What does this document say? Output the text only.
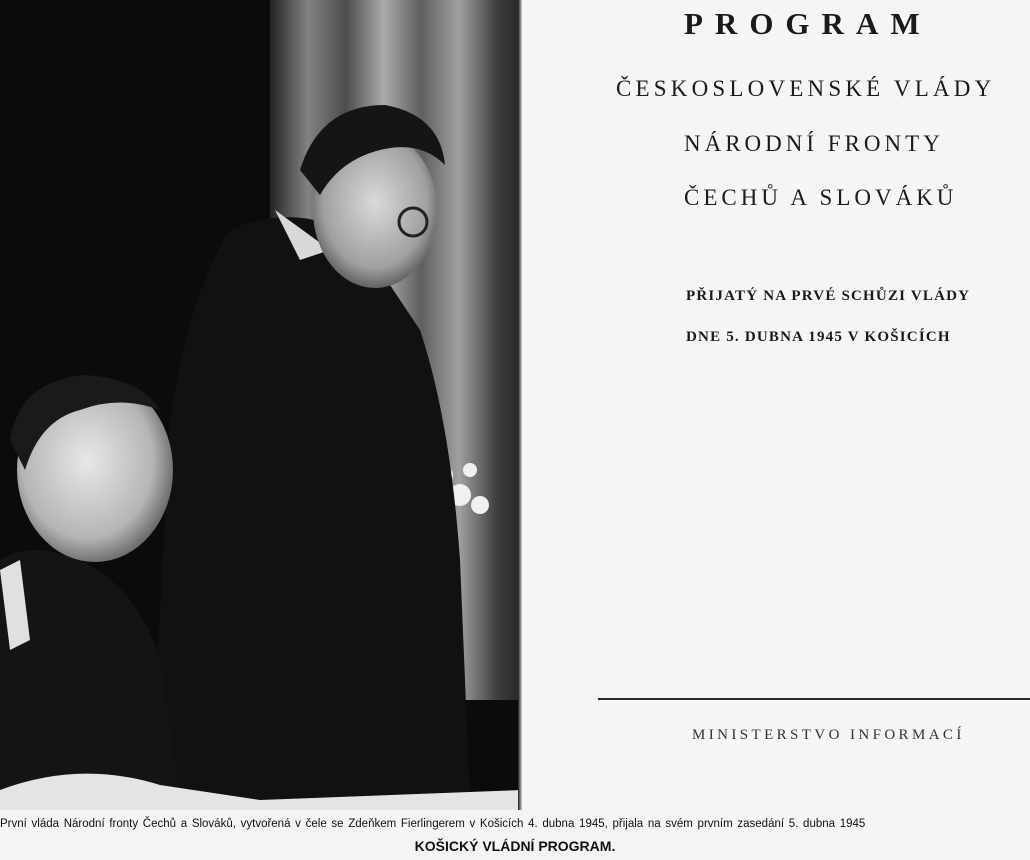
PROGRAM
ČESKOSLOVENSKÉ VLÁDY
NÁRODNÍ FRONTY
ČECHŮ A SLOVÁKŮ
PŘIJATÝ NA PRVÉ SCHŮZI VLÁDY
DNE 5. DUBNA 1945 V KOŠICÍCH
MINISTERSTVO INFORMACÍ
První vláda Národní fronty Čechů a Slováků, vytvořená v čele se Zdeňkem Fierlingerem v Košicích 4. dubna 1945, přijala na svém prvním zasedání 5. dubna 1945
KOŠICKÝ VLÁDNÍ PROGRAM.
